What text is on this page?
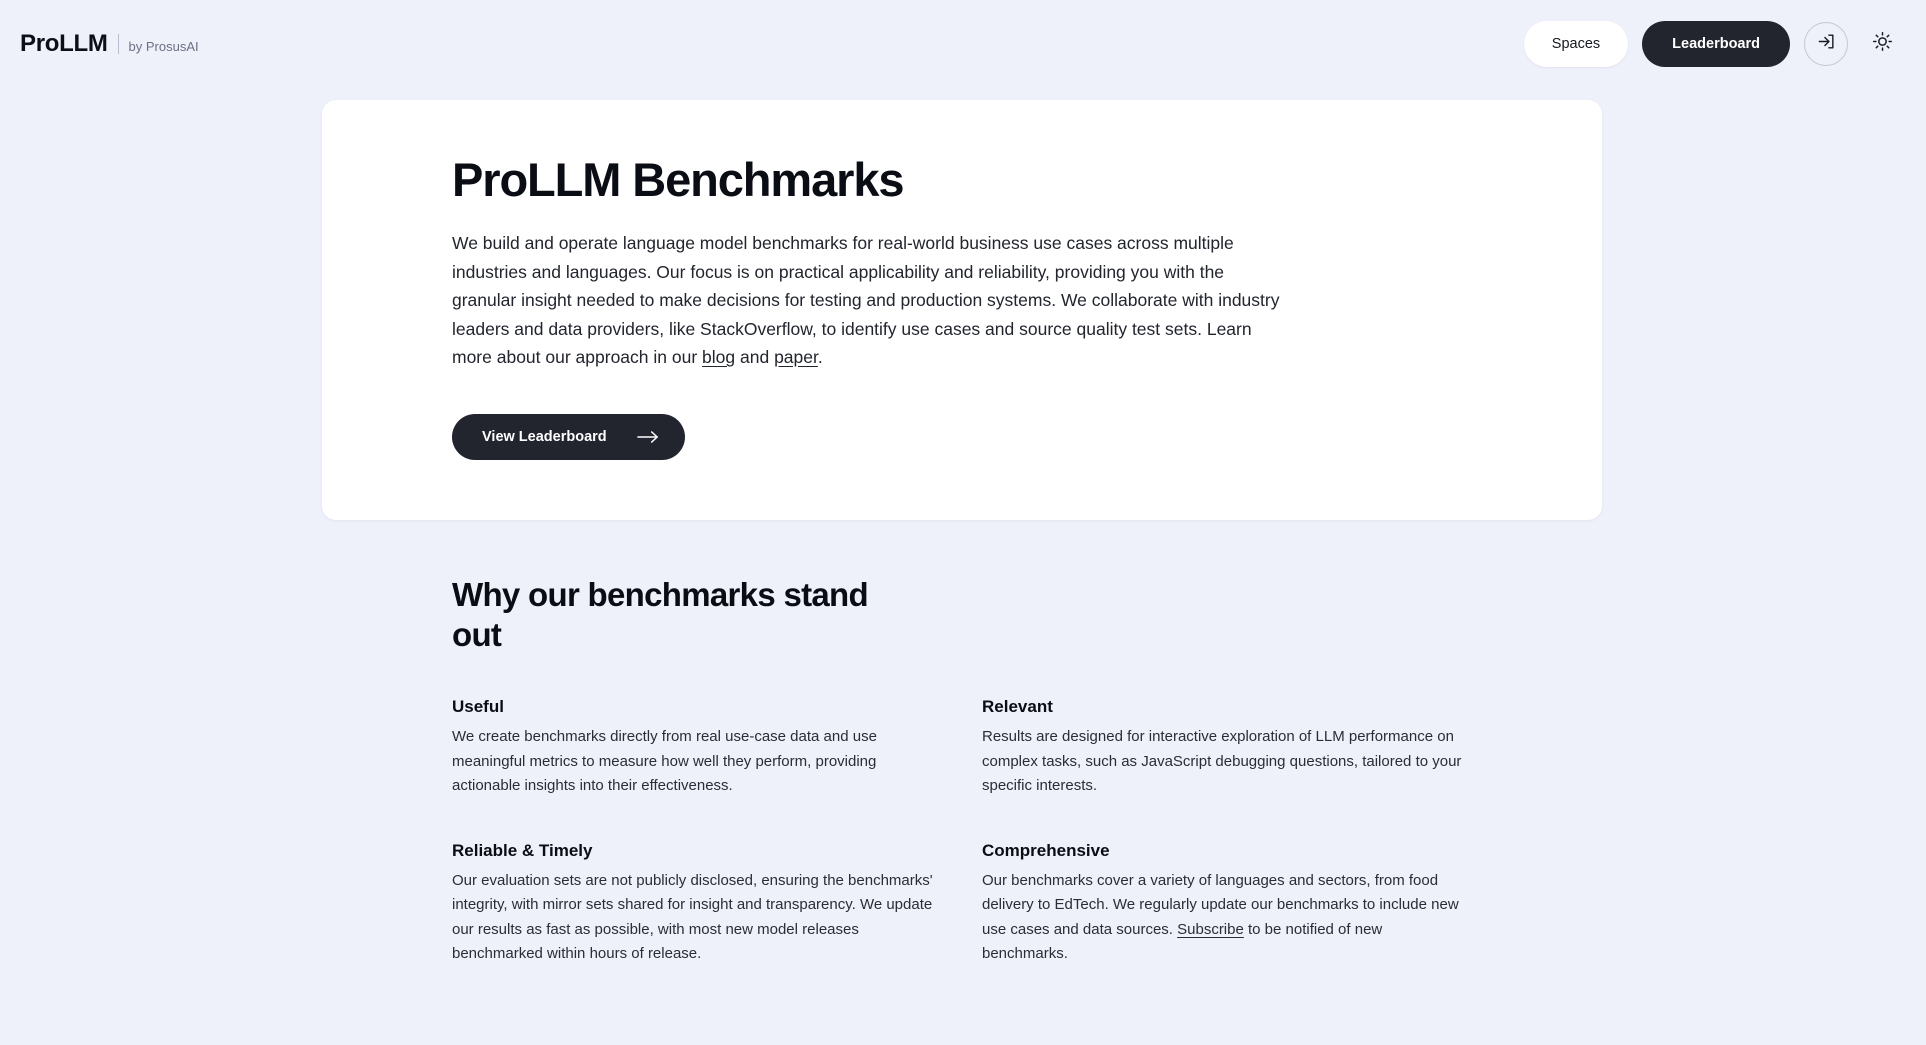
ProLLM by ProsusAI	Spaces	Leaderboard
ProLLM Benchmarks

We build and operate language model benchmarks for real-world business use cases across multiple industries and languages. Our focus is on practical applicability and reliability, providing you with the granular insight needed to make decisions for testing and production systems. We collaborate with industry leaders and data providers, like StackOverflow, to identify use cases and source quality test sets. Learn more about our approach in our blog and paper.

View Leaderboard
Why our benchmarks stand out
Useful
We create benchmarks directly from real use-case data and use meaningful metrics to measure how well they perform, providing actionable insights into their effectiveness.
Relevant
Results are designed for interactive exploration of LLM performance on complex tasks, such as JavaScript debugging questions, tailored to your specific interests.
Reliable & Timely
Our evaluation sets are not publicly disclosed, ensuring the benchmarks' integrity, with mirror sets shared for insight and transparency. We update our results as fast as possible, with most new model releases benchmarked within hours of release.
Comprehensive
Our benchmarks cover a variety of languages and sectors, from food delivery to EdTech. We regularly update our benchmarks to include new use cases and data sources. Subscribe to be notified of new benchmarks.
